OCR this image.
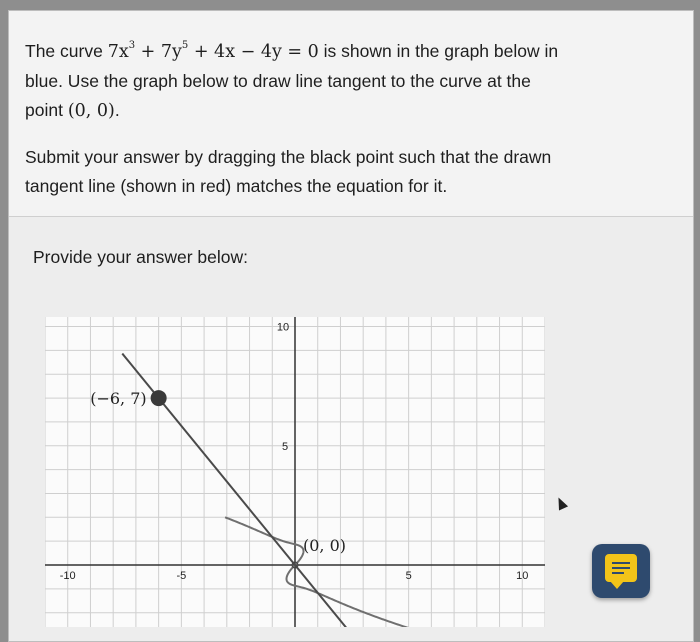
The curve $7x^3 + 7y^5 + 4x - 4y = 0$ is shown in the graph below in
blue. Use the graph below to draw line tangent to the curve at the
point (0, 0).
Submit your answer by dragging the black point such that the drawn
tangent line (shown in red) matches the equation for it.
Provide your answer below:
10
5
-10	-5	5	10
(−6, 7)
(0, 0)
